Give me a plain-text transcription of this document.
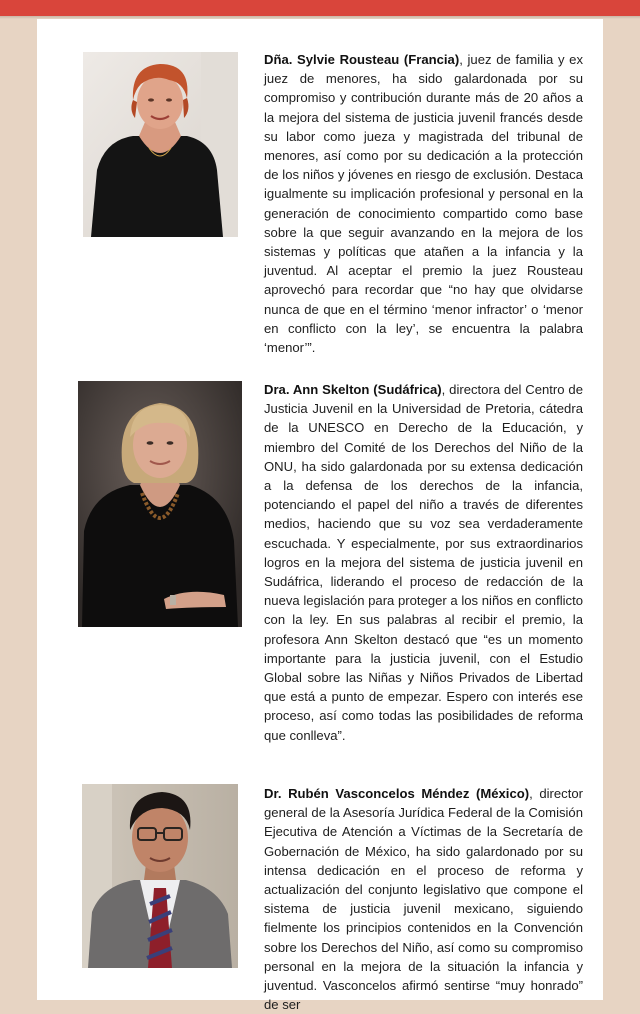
Dña. Sylvie Rousteau (Francia), juez de familia y ex juez de menores, ha sido galardonada por su compromiso y contribución durante más de 20 años a la mejora del sistema de justicia juvenil francés desde su labor como jueza y magistrada del tribunal de menores, así como por su dedicación a la protección de los niños y jóvenes en riesgo de exclusión. Destaca igualmente su implicación profesional y personal en la generación de conocimiento compartido como base sobre la que seguir avanzando en la mejora de los sistemas y políticas que atañen a la infancia y la juventud. Al aceptar el premio la juez Rousteau aprovechó para recordar que “no hay que olvidarse nunca de que en el término ‘menor infractor’ o ‘menor en conflicto con la ley’, se encuentra la palabra ‘menor’”.

Dra. Ann Skelton (Sudáfrica), directora del Centro de Justicia Juvenil en la Universidad de Pretoria, cátedra de la UNESCO en Derecho de la Educación, y miembro del Comité de los Derechos del Niño de la ONU, ha sido galardonada por su extensa dedicación a la defensa de los derechos de la infancia, potenciando el papel del niño a través de diferentes medios, haciendo que su voz sea verdaderamente escuchada. Y especialmente, por sus extraordinarios logros en la mejora del sistema de justicia juvenil en Sudáfrica, liderando el proceso de redacción de la nueva legislación para proteger a los niños en conflicto con la ley. En sus palabras al recibir el premio, la profesora Ann Skelton destacó que “es un momento importante para la justicia juvenil, con el Estudio Global sobre las Niñas y Niños Privados de Libertad que está a punto de empezar. Espero con interés ese proceso, así como todas las posibilidades de reforma que conlleva”.

Dr. Rubén Vasconcelos Méndez (México), director general de la Asesoría Jurídica Federal de la Comisión Ejecutiva de Atención a Víctimas de la Secretaría de Gobernación de México, ha sido galardonado por su intensa dedicación en el proceso de reforma y actualización del conjunto legislativo que compone el sistema de justicia juvenil mexicano, siguiendo fielmente los principios contenidos en la Convención sobre los Derechos del Niño, así como su compromiso personal en la mejora de la situación la infancia y juventud. Vasconcelos afirmó sentirse “muy honrado” de ser
